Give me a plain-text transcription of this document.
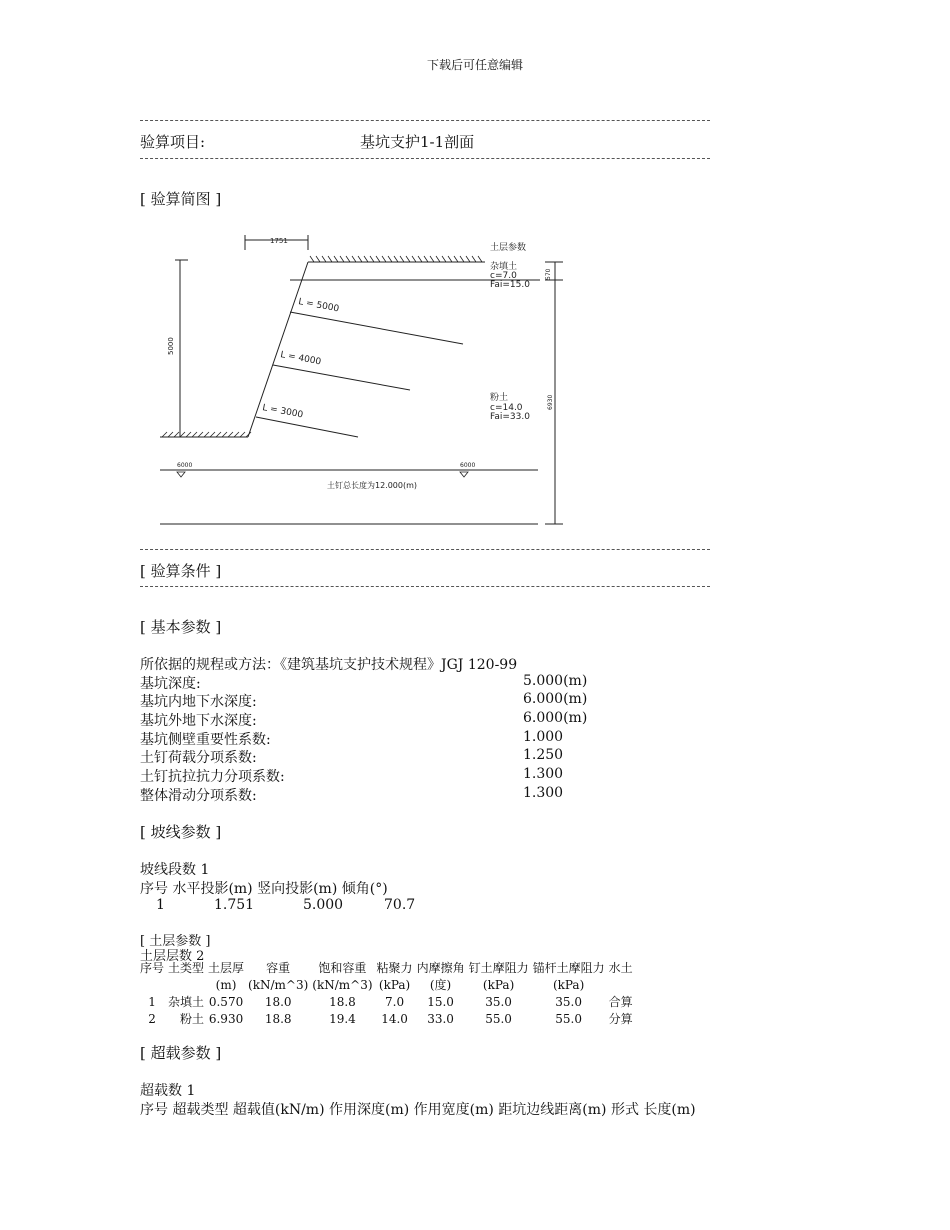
下载后可任意编辑
验算项目:	基坑支护1-1剖面
[ 验算简图 ]
1751
5000
土层参数
杂填土
c=7.0
Fai=15.0
570
粉土
c=14.0
Fai=33.0
6930
L = 5000
L = 4000
L = 3000
6000	6000
土钉总长度为12.000(m)
[ 验算条件 ]
[ 基本参数 ]
所依据的规程或方法：《建筑基坑支护技术规程》JGJ 120-99
基坑深度:	5.000(m)
基坑内地下水深度:	6.000(m)
基坑外地下水深度:	6.000(m)
基坑侧壁重要性系数:	1.000
土钉荷载分项系数:	1.250
土钉抗拉抗力分项系数:	1.300
整体滑动分项系数:	1.300
[ 坡线参数 ]
坡线段数 1
序号 水平投影(m) 竖向投影(m) 倾角(°)
1	1.751	5.000	70.7
[ 土层参数 ]
土层层数 2
序号	土类型	土层厚	容重	饱和容重	粘聚力	内摩擦角	钉土摩阻力	锚杆土摩阻力	水土
		(m)	(kN/m^3)	(kN/m^3)	(kPa)	(度)	(kPa)	(kPa)	
1	杂填土	0.570	18.0	18.8	7.0	15.0	35.0	35.0	合算
2	粉土	6.930	18.8	19.4	14.0	33.0	55.0	55.0	分算
[ 超载参数 ]
超载数 1
序号 超载类型 超载值(kN/m) 作用深度(m) 作用宽度(m) 距坑边线距离(m) 形式 长度(m)
